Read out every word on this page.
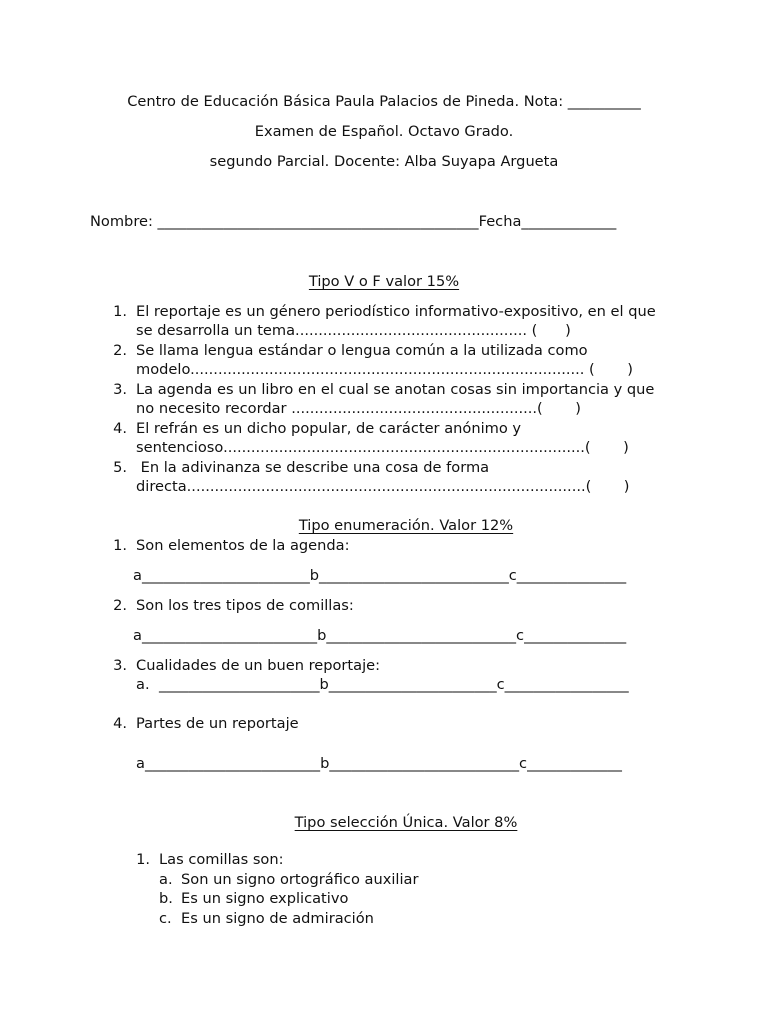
Centro de Educación Básica Paula Palacios de Pineda. Nota: __________
Examen de Español. Octavo Grado.
segundo Parcial. Docente: Alba Suyapa Argueta
Nombre: ____________________________________________Fecha_____________
Tipo V o F valor 15%
1. El reportaje es un género periodístico informativo-expositivo, en el que
se desarrolla un tema.................................................. (      )
2. Se llama lengua estándar o lengua común a la utilizada como
modelo..................................................................................... (       )
3. La agenda es un libro en el cual se anotan cosas sin importancia y que
no necesito recordar .....................................................(       )
4. El refrán es un dicho popular, de carácter anónimo y
sentencioso..............................................................................(       )
5. En la adivinanza se describe una cosa de forma
directa......................................................................................(       )
Tipo enumeración. Valor 12%
1. Son elementos de la agenda:
a_______________________b__________________________c_______________
2. Son los tres tipos de comillas:
a________________________b__________________________c______________
3. Cualidades de un buen reportaje:
a. ______________________b_______________________c_________________
4. Partes de un reportaje
a________________________b__________________________c_____________
Tipo selección Única. Valor 8%
1. Las comillas son:
a. Son un signo ortográfico auxiliar
b. Es un signo explicativo
c. Es un signo de admiración
